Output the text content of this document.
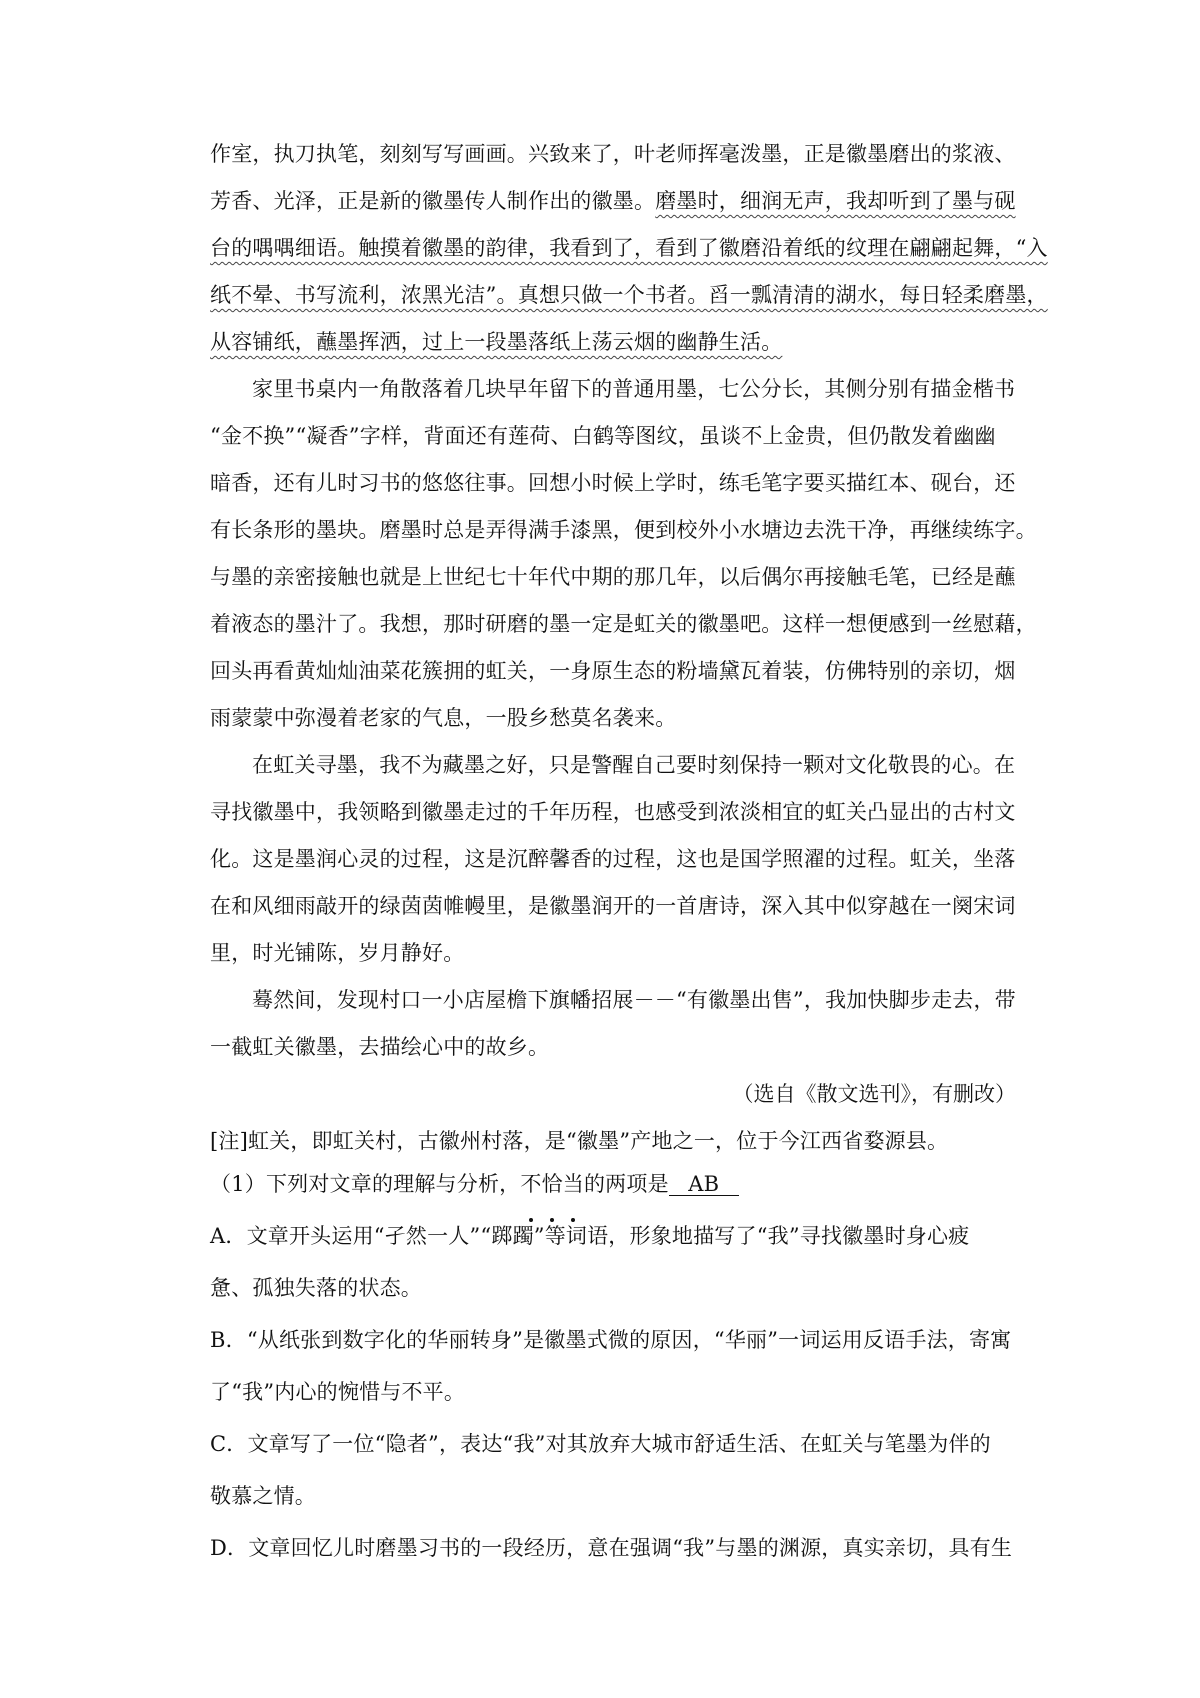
作室，执刀执笔，刻刻写写画画。兴致来了，叶老师挥毫泼墨，正是徽墨磨出的浆液、
芳香、光泽，正是新的徽墨传人制作出的徽墨。磨墨时，细润无声，我却听到了墨与砚
台的喁喁细语。触摸着徽墨的韵律，我看到了，看到了徽磨沿着纸的纹理在翩翩起舞，“入
纸不晕、书写流利，浓黑光洁”。真想只做一个书者。舀一瓢清清的湖水，每日轻柔磨墨，
从容铺纸，蘸墨挥洒，过上一段墨落纸上荡云烟的幽静生活。
家里书桌内一角散落着几块早年留下的普通用墨，七公分长，其侧分别有描金楷书
“金不换”“凝香”字样，背面还有莲荷、白鹤等图纹，虽谈不上金贵，但仍散发着幽幽
暗香，还有儿时习书的悠悠往事。回想小时候上学时，练毛笔字要买描红本、砚台，还
有长条形的墨块。磨墨时总是弄得满手漆黑，便到校外小水塘边去洗干净，再继续练字。
与墨的亲密接触也就是上世纪七十年代中期的那几年，以后偶尔再接触毛笔，已经是蘸
着液态的墨汁了。我想，那时研磨的墨一定是虹关的徽墨吧。这样一想便感到一丝慰藉，
回头再看黄灿灿油菜花簇拥的虹关，一身原生态的粉墙黛瓦着装，仿佛特别的亲切，烟
雨蒙蒙中弥漫着老家的气息，一股乡愁莫名袭来。
在虹关寻墨，我不为藏墨之好，只是警醒自己要时刻保持一颗对文化敬畏的心。在
寻找徽墨中，我领略到徽墨走过的千年历程，也感受到浓淡相宜的虹关凸显出的古村文
化。这是墨润心灵的过程，这是沉醉馨香的过程，这也是国学照濯的过程。虹关，坐落
在和风细雨敲开的绿茵茵帷幔里，是徽墨润开的一首唐诗，深入其中似穿越在一阕宋词
里，时光铺陈，岁月静好。
蓦然间，发现村口一小店屋檐下旗幡招展－－“有徽墨出售”，我加快脚步走去，带
一截虹关徽墨，去描绘心中的故乡。
（选自《散文选刊》，有删改）
[注]虹关，即虹关村，古徽州村落，是“徽墨”产地之一，位于今江西省婺源县。
（1）下列对文章的理解与分析，不恰当的两项是 AB
A．文章开头运用“孑然一人”“踯躅”等词语，形象地描写了“我”寻找徽墨时身心疲
惫、孤独失落的状态。
B．“从纸张到数字化的华丽转身”是徽墨式微的原因，“华丽”一词运用反语手法，寄寓
了“我”内心的惋惜与不平。
C．文章写了一位“隐者”，表达“我”对其放弃大城市舒适生活、在虹关与笔墨为伴的
敬慕之情。
D．文章回忆儿时磨墨习书的一段经历，意在强调“我”与墨的渊源，真实亲切，具有生
